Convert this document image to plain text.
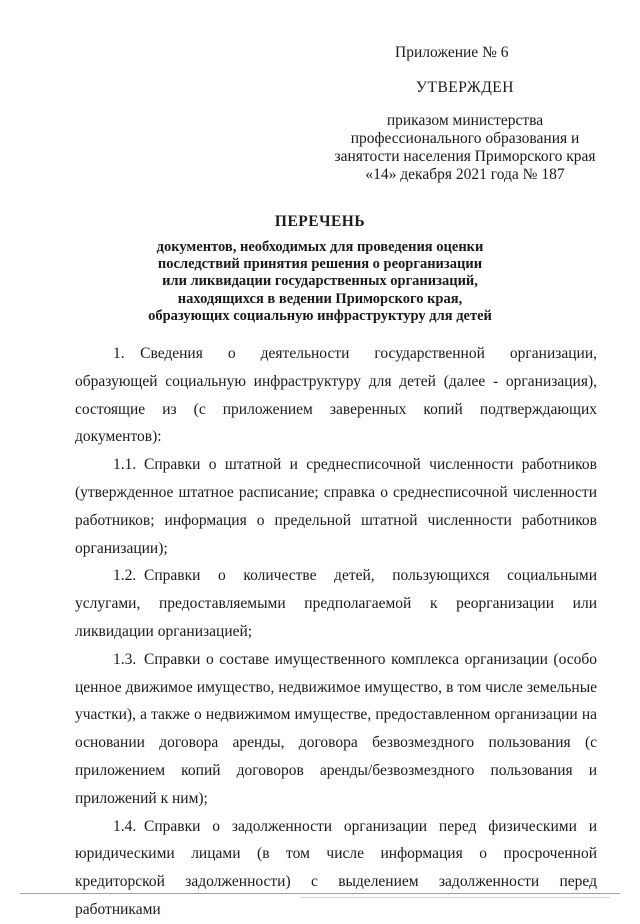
Приложение № 6
УТВЕРЖДЕН
приказом министерства
профессионального образования и
занятости населения Приморского края
«14» декабря 2021 года № 187
ПЕРЕЧЕНЬ
документов, необходимых для проведения оценки
последствий принятия решения о реорганизации
или ликвидации государственных организаций,
находящихся в ведении Приморского края,
образующих социальную инфраструктуру для детей

1. Сведения о деятельности государственной организации, образующей социальную инфраструктуру для детей (далее - организация), состоящие из (с приложением заверенных копий подтверждающих документов):

1.1. Справки о штатной и среднесписочной численности работников (утвержденное штатное расписание; справка о среднесписочной численности работников; информация о предельной штатной численности работников организации);

1.2. Справки о количестве детей, пользующихся социальными услугами, предоставляемыми предполагаемой к реорганизации или ликвидации организацией;

1.3. Справки о составе имущественного комплекса организации (особо ценное движимое имущество, недвижимое имущество, в том числе земельные участки), а также о недвижимом имуществе, предоставленном организации на основании договора аренды, договора безвозмездного пользования (с приложением копий договоров аренды/безвозмездного пользования и приложений к ним);

1.4. Справки о задолженности организации перед физическими и юридическими лицами (в том числе информация о просроченной кредиторской задолженности) с выделением задолженности перед работниками
